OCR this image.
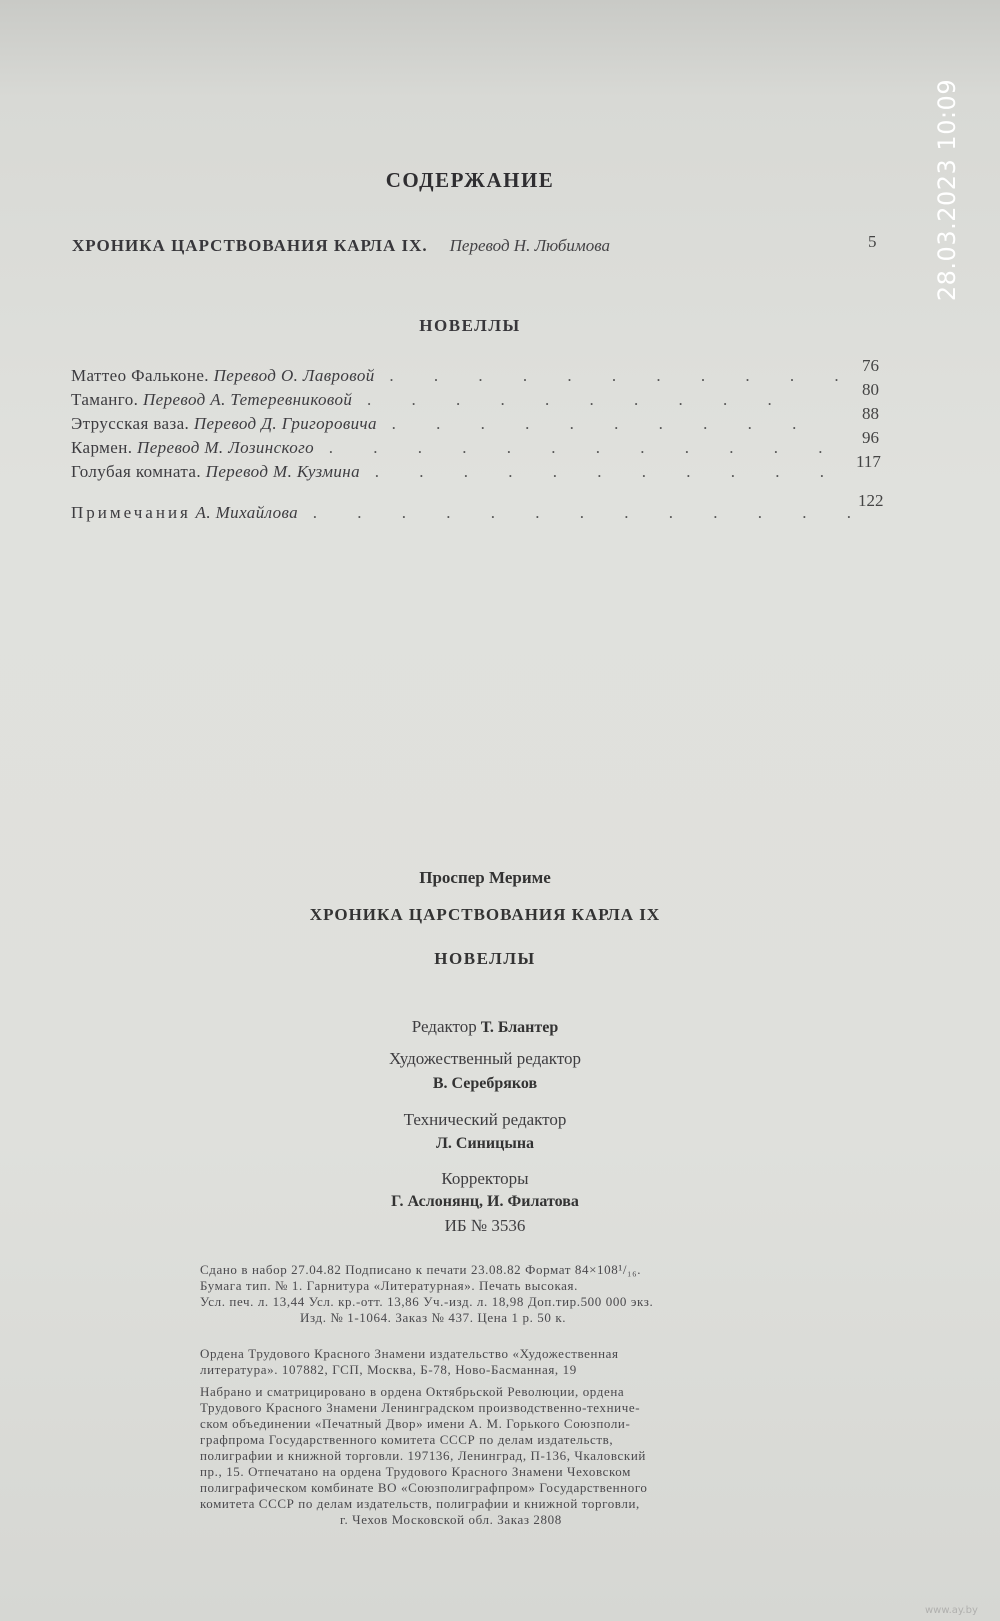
СОДЕРЖАНИЕ
ХРОНИКА ЦАРСТВОВАНИЯ КАРЛА IX. Перевод Н. Любимова	5
НОВЕЛЛЫ
Маттео Фальконе. Перевод О. Лавровой . . . . . . . . . . .
76
Таманго. Перевод А. Тетеревниковой . . . . . . . . . .
80
Этрусская ваза. Перевод Д. Григоровича . . . . . . . . . .
88
Кармен. Перевод М. Лозинского . . . . . . . . . . . .
96
Голубая комната. Перевод М. Кузмина . . . . . . . . . . .
117
Примечания А. Михайлова . . . . . . . . . . . . .
122
Проспер Мериме
ХРОНИКА ЦАРСТВОВАНИЯ КАРЛА IX
НОВЕЛЛЫ
Редактор Т. Блантер
Художественный редактор
В. Серебряков
Технический редактор
Л. Синицына
Корректоры
Г. Аслонянц, И. Филатова
ИБ № 3536
Сдано в набор 27.04.82 Подписано к печати 23.08.82 Формат 84×108¹/₁₆.
Бумага тип. № 1. Гарнитура «Литературная». Печать высокая.
Усл. печ. л. 13,44 Усл. кр.-отт. 13,86 Уч.-изд. л. 18,98 Доп.тир.500 000 экз.
Изд. № 1-1064. Заказ № 437. Цена 1 р. 50 к.
Ордена Трудового Красного Знамени издательство «Художественная
литература». 107882, ГСП, Москва, Б-78, Ново-Басманная, 19
Набрано и сматрицировано в ордена Октябрьской Революции, ордена
Трудового Красного Знамени Ленинградском производственно-техниче-
ском объединении «Печатный Двор» имени А. М. Горького Союзполи-
графпрома Государственного комитета СССР по делам издательств,
полиграфии и книжной торговли. 197136, Ленинград, П-136, Чкаловский
пр., 15. Отпечатано на ордена Трудового Красного Знамени Чеховском
полиграфическом комбинате ВО «Союзполиграфпром» Государственного
комитета СССР по делам издательств, полиграфии и книжной торговли,
г. Чехов Московской обл. Заказ 2808
28.03.2023 10:09
www.ay.by
